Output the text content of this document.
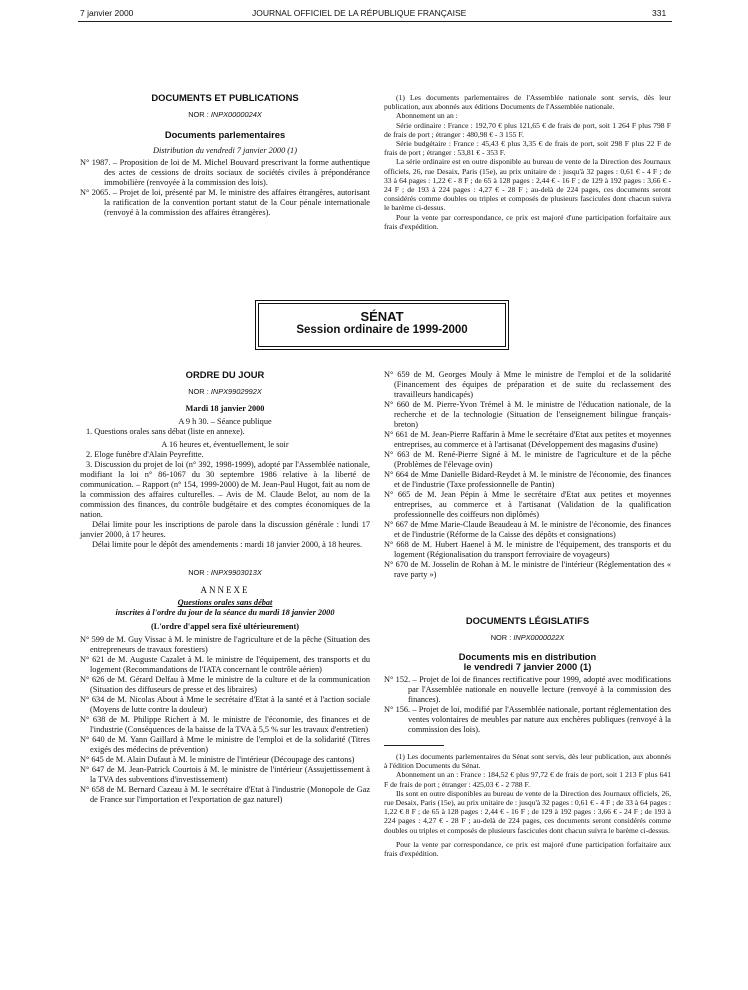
7 janvier 2000	JOURNAL OFFICIEL DE LA RÉPUBLIQUE FRANÇAISE	331
DOCUMENTS ET PUBLICATIONS
NOR : INPX0000024X
Documents parlementaires
Distribution du vendredi 7 janvier 2000 (1)

N° 1987. – Proposition de loi de M. Michel Bouvard prescrivant la forme authentique des actes de cessions de droits sociaux de sociétés civiles à prépondérance immobilière (renvoyée à la commission des lois).

N° 2065. – Projet de loi, présenté par M. le ministre des affaires étrangères, autorisant la ratification de la convention portant statut de la Cour pénale internationale (renvoyé à la commission des affaires étrangères).

(1) Les documents parlementaires de l'Assemblée nationale sont servis, dès leur publication, aux abonnés aux éditions Documents de l'Assemblée nationale.

Abonnement un an :

Série ordinaire : France : 192,70 € plus 121,65 € de frais de port, soit 1 264 F plus 798 F de frais de port ; étranger : 480,98 € - 3 155 F.

Série budgétaire : France : 45,43 € plus 3,35 € de frais de port, soit 298 F plus 22 F de frais de port ; étranger : 53,81 € - 353 F.

La série ordinaire est en outre disponible au bureau de vente de la Direction des Journaux officiels, 26, rue Desaix, Paris (15e), au prix unitaire de : jusqu'à 32 pages : 0,61 € - 4 F ; de 33 à 64 pages : 1,22 € - 8 F ; de 65 à 128 pages : 2,44 € - 16 F ; de 129 à 192 pages : 3,66 € - 24 F ; de 193 à 224 pages : 4,27 € - 28 F ; au-delà de 224 pages, ces documents seront considérés comme doubles ou triples et composés de plusieurs fascicules dont chacun suivra le barème ci-dessus.

Pour la vente par correspondance, ce prix est majoré d'une participation forfaitaire aux frais d'expédition.

SÉNAT
Session ordinaire de 1999-2000
ORDRE DU JOUR
NOR : INPX9902992X
Mardi 18 janvier 2000
A 9 h 30. – Séance publique

1. Questions orales sans débat (liste en annexe).

A 16 heures et, éventuellement, le soir

2. Eloge funèbre d'Alain Peyrefitte.

3. Discussion du projet de loi (n° 392, 1998-1999), adopté par l'Assemblée nationale, modifiant la loi n° 86-1067 du 30 septembre 1986 relative à la liberté de communication. – Rapport (n° 154, 1999-2000) de M. Jean-Paul Hugot, fait au nom de la commission des affaires culturelles. – Avis de M. Claude Belot, au nom de la commission des finances, du contrôle budgétaire et des comptes économiques de la nation.

Délai limite pour les inscriptions de parole dans la discussion générale : lundi 17 janvier 2000, à 17 heures.

Délai limite pour le dépôt des amendements : mardi 18 janvier 2000, à 18 heures.

NOR : INPX9903013X
ANNEXE
Questions orales sans débat
inscrites à l'ordre du jour de la séance du mardi 18 janvier 2000
(L'ordre d'appel sera fixé ultérieurement)

N° 599 de M. Guy Vissac à M. le ministre de l'agriculture et de la pêche (Situation des entrepreneurs de travaux forestiers)

N° 621 de M. Auguste Cazalet à M. le ministre de l'équipement, des transports et du logement (Recommandations de l'IATA concernant le contrôle aérien)

N° 626 de M. Gérard Delfau à Mme le ministre de la culture et de la communication (Situation des diffuseurs de presse et des libraires)

N° 634 de M. Nicolas About à Mme le secrétaire d'Etat à la santé et à l'action sociale (Moyens de lutte contre la douleur)

N° 638 de M. Philippe Richert à M. le ministre de l'économie, des finances et de l'industrie (Conséquences de la baisse de la TVA à 5,5 % sur les travaux d'entretien)

N° 640 de M. Yann Gaillard à Mme le ministre de l'emploi et de la solidarité (Titres exigés des médecins de prévention)

N° 645 de M. Alain Dufaut à M. le ministre de l'intérieur (Découpage des cantons)

N° 647 de M. Jean-Patrick Courtois à M. le ministre de l'intérieur (Assujettissement à la TVA des subventions d'investissement)

N° 658 de M. Bernard Cazeau à M. le secrétaire d'Etat à l'industrie (Monopole de Gaz de France sur l'importation et l'exportation de gaz naturel)

N° 659 de M. Georges Mouly à Mme le ministre de l'emploi et de la solidarité (Financement des équipes de préparation et de suite du reclassement des travailleurs handicapés)

N° 660 de M. Pierre-Yvon Trémel à M. le ministre de l'éducation nationale, de la recherche et de la technologie (Situation de l'enseignement bilingue français-breton)

N° 661 de M. Jean-Pierre Raffarin à Mme le secrétaire d'Etat aux petites et moyennes entreprises, au commerce et à l'artisanat (Développement des magasins d'usine)

N° 663 de M. René-Pierre Signé à M. le ministre de l'agriculture et de la pêche (Problèmes de l'élevage ovin)

N° 664 de Mme Danielle Bidard-Reydet à M. le ministre de l'économie, des finances et de l'industrie (Taxe professionnelle de Pantin)

N° 665 de M. Jean Pépin à Mme le secrétaire d'Etat aux petites et moyennes entreprises, au commerce et à l'artisanat (Validation de la qualification professionnelle des coiffeurs non diplômés)

N° 667 de Mme Marie-Claude Beaudeau à M. le ministre de l'économie, des finances et de l'industrie (Réforme de la Caisse des dépôts et consignations)

N° 668 de M. Hubert Haenel à M. le ministre de l'équipement, des transports et du logement (Régionalisation du transport ferroviaire de voyageurs)

N° 670 de M. Josselin de Rohan à M. le ministre de l'intérieur (Réglementation des « rave party »)

DOCUMENTS LÉGISLATIFS
NOR : INPX0000022X
Documents mis en distribution
le vendredi 7 janvier 2000 (1)

N° 152. – Projet de loi de finances rectificative pour 1999, adopté avec modifications par l'Assemblée nationale en nouvelle lecture (renvoyé à la commission des finances).

N° 156. – Projet de loi, modifié par l'Assemblée nationale, portant réglementation des ventes volontaires de meubles par nature aux enchères publiques (renvoyé à la commission des lois).

(1) Les documents parlementaires du Sénat sont servis, dès leur publication, aux abonnés à l'édition Documents du Sénat.

Abonnement un an : France : 184,52 € plus 97,72 € de frais de port, soit 1 213 F plus 641 F de frais de port ; étranger : 425,03 € - 2 788 F.

Ils sont en outre disponibles au bureau de vente de la Direction des Journaux officiels, 26, rue Desaix, Paris (15e), au prix unitaire de : jusqu'à 32 pages : 0,61 € - 4 F ; de 33 à 64 pages : 1,22 € 8 F ; de 65 à 128 pages : 2,44 € - 16 F ; de 129 à 192 pages : 3,66 € - 24 F ; de 193 à 224 pages : 4,27 € - 28 F ; au-delà de 224 pages, ces documents seront considérés comme doubles ou triples et composés de plusieurs fascicules dont chacun suivra le barème ci-dessus.

Pour la vente par correspondance, ce prix est majoré d'une participation forfaitaire aux frais d'expédition.
